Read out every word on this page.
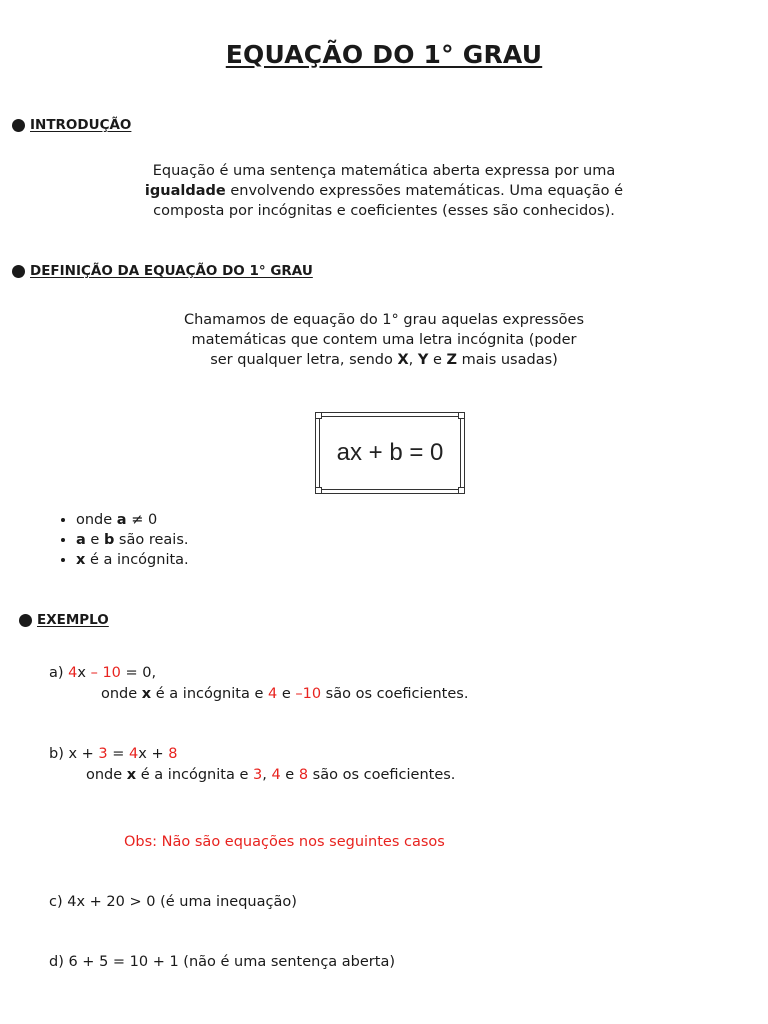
EQUAÇÃO DO 1° GRAU
INTRODUÇÃO
Equação é uma sentença matemática aberta expressa por uma
igualdade envolvendo expressões matemáticas. Uma equação é
composta por incógnitas e coeficientes (esses são conhecidos).
DEFINIÇÃO DA EQUAÇÃO DO 1° GRAU
Chamamos de equação do 1° grau aquelas expressões
matemáticas que contem uma letra incógnita (poder
ser qualquer letra, sendo X, Y e Z mais usadas)
ax + b = 0
• onde a ≠ 0
• a e b são reais.
• x é a incógnita.
EXEMPLO
a) 4x – 10 = 0,
onde x é a incógnita e 4 e –10 são os coeficientes.
b) x + 3 = 4x + 8
onde x é a incógnita e 3, 4 e 8 são os coeficientes.
Obs: Não são equações nos seguintes casos
c) 4x + 20 > 0 (é uma inequação)
d) 6 + 5 = 10 + 1 (não é uma sentença aberta)
